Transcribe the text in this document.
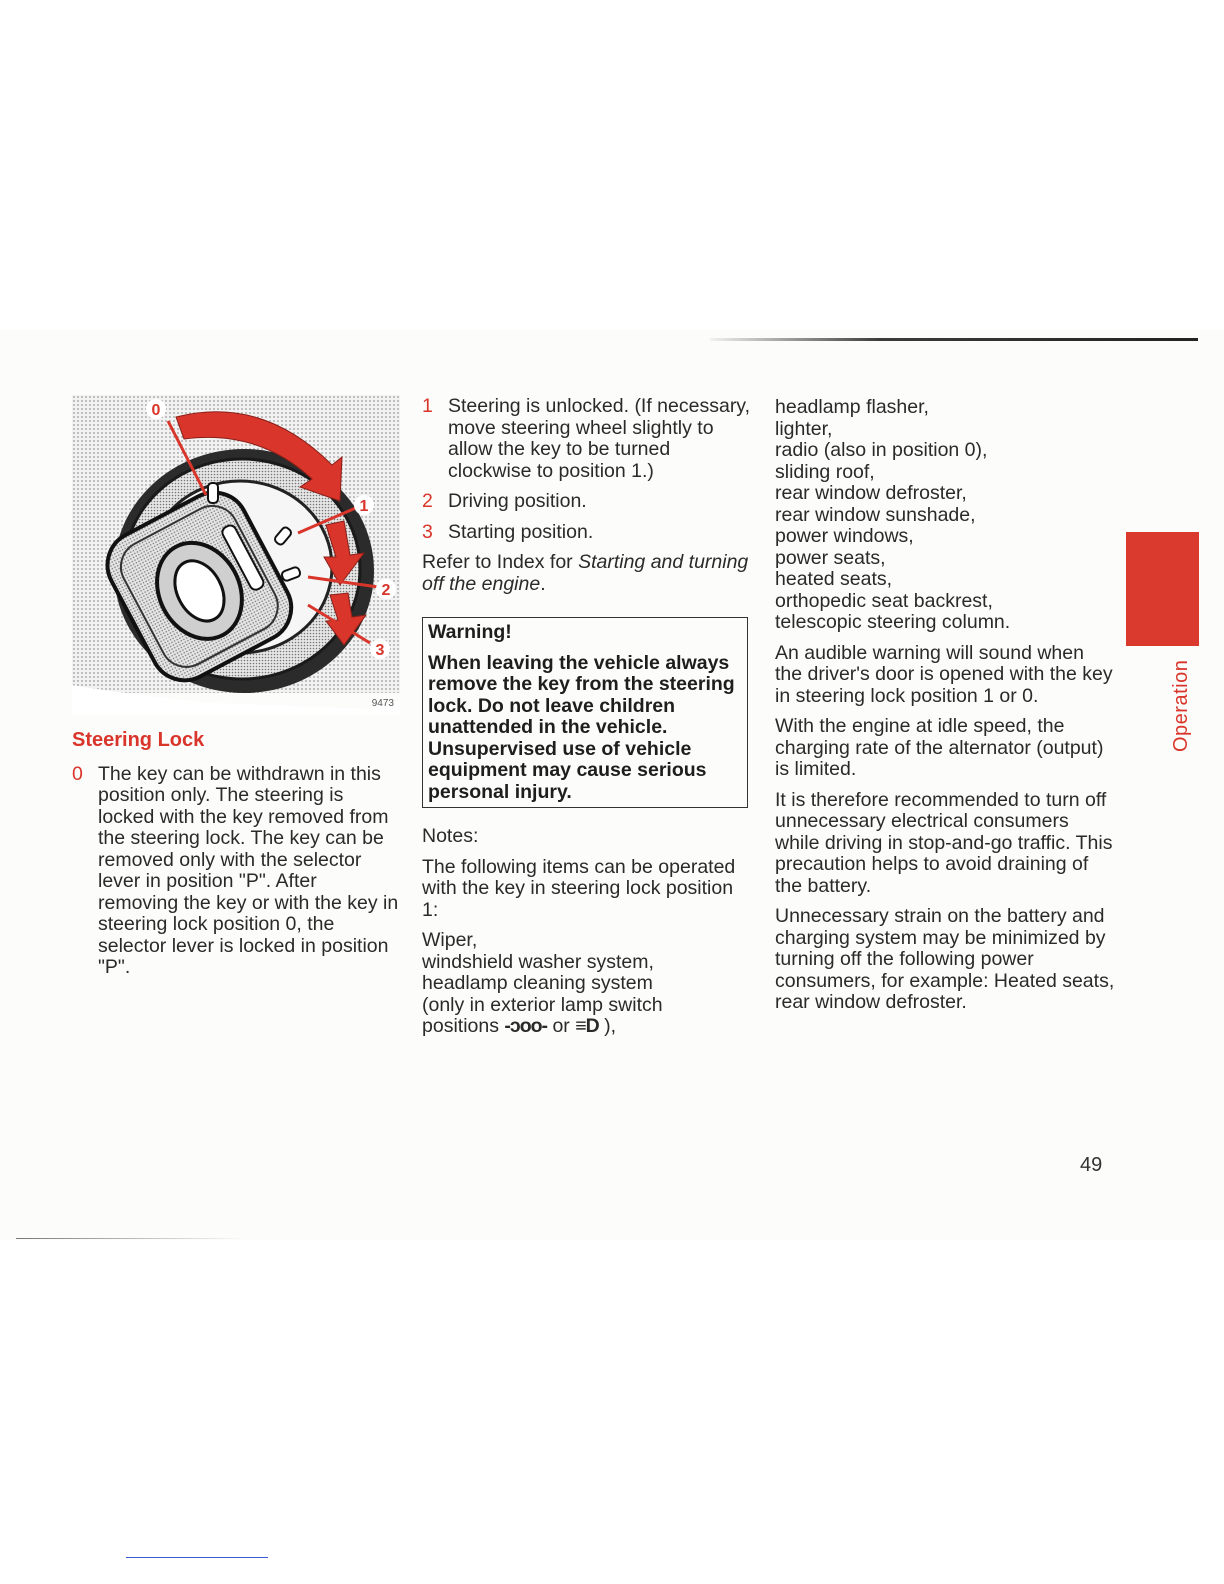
0
1
2
3
9473
Steering Lock
0 The key can be withdrawn in this position only. The steering is locked with the key removed from the steering lock. The key can be removed only with the selector lever in position "P". After removing the key or with the key in steering lock position 0, the selector lever is locked in position "P".
1 Steering is unlocked. (If necessary, move steering wheel slightly to allow the key to be turned clockwise to position 1.)
2 Driving position.
3 Starting position.

Refer to Index for Starting and turning off the engine.

Warning!
When leaving the vehicle always remove the key from the steering lock. Do not leave children unattended in the vehicle. Unsupervised use of vehicle equipment may cause serious personal injury.

Notes:

The following items can be operated with the key in steering lock position 1:

Wiper,
windshield washer system,
headlamp cleaning system
(only in exterior lamp switch
positions -ɔoo- or ≡D ),

headlamp flasher,
lighter,
radio (also in position 0),
sliding roof,
rear window defroster,
rear window sunshade,
power windows,
power seats,
heated seats,
orthopedic seat backrest,
telescopic steering column.

An audible warning will sound when the driver's door is opened with the key in steering lock position 1 or 0.

With the engine at idle speed, the charging rate of the alternator (output) is limited.

It is therefore recommended to turn off unnecessary electrical consumers while driving in stop-and-go traffic. This precaution helps to avoid draining of the battery.

Unnecessary strain on the battery and charging system may be minimized by turning off the following power consumers, for example: Heated seats, rear window defroster.

Operation
49
